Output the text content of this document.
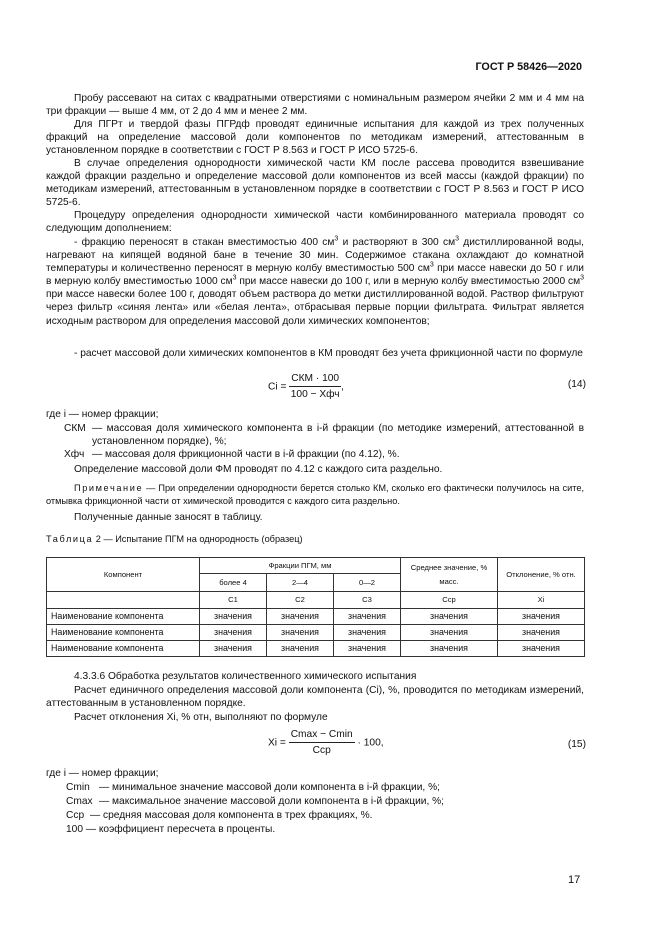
ГОСТ Р 58426—2020

Пробу рассевают на ситах с квадратными отверстиями с номинальным размером ячейки 2 мм и 4 мм на три фракции — выше 4 мм, от 2 до 4 мм и менее 2 мм.

Для ПГРт и твердой фазы ПГРдф проводят единичные испытания для каждой из трех полученных фракций на определение массовой доли компонентов по методикам измерений, аттестованным в установленном порядке в соответствии с ГОСТ Р 8.563 и ГОСТ Р ИСО 5725-6.

В случае определения однородности химической части КМ после рассева проводится взвешивание каждой фракции раздельно и определение массовой доли компонентов из всей массы (каждой фракции) по методикам измерений, аттестованным в установленном порядке в соответствии с ГОСТ Р 8.563 и ГОСТ Р ИСО 5725-6.

Процедуру определения однородности химической части комбинированного материала проводят со следующим дополнением:

- фракцию переносят в стакан вместимостью 400 $см^3$ и растворяют в 300 $см^3$ дистиллированной воды, нагревают на кипящей водяной бане в течение 30 мин. Содержимое стакана охлаждают до комнатной температуры и количественно переносят в мерную колбу вместимостью 500 $см^3$ при массе навески до 50 г или в мерную колбу вместимостью 1000 $см^3$ при массе навески до 100 г, или в мерную колбу вместимостью 2000 $см^3$ при массе навески более 100 г, доводят объем раствора до метки дистиллированной водой. Раствор фильтруют через фильтр «синяя лента» или «белая лента», отбрасывая первые порции фильтрата. Фильтрат является исходным раствором для определения массовой доли химических компонентов;

- расчет массовой доли химических компонентов в КМ проводят без учета фрикционной части по формуле

$Ci = \frac{\text{CКМ · 100}}{\text{100 − Xфч}}$ ,	(14)

где i — номер фракции;

CКМ — массовая доля химического компонента в i-й фракции (по методике измерений, аттестованной в установленном порядке), %;

Xфч — массовая доля фрикционной части в i-й фракции (по 4.12), %.

Определение массовой доли ФМ проводят по 4.12 с каждого сита раздельно.

Примечание — При определении однородности берется столько КМ, сколько его фактически получилось на сите, отмывка фрикционной части от химической проводится с каждого сита раздельно.

Полученные данные заносят в таблицу.

Таблица 2 — Испытание ПГМ на однородность (образец)

Компонент	Фракции ПГМ, мм			Среднее значение, % масс.	Отклонение, % отн.
	более 4	2—4	0—2		
	C1	C2	C3	Cср	Xi
Наименование компонента	значения	значения	значения	значения	значения
Наименование компонента	значения	значения	значения	значения	значения
Наименование компонента	значения	значения	значения	значения	значения

4.3.3.6 Обработка результатов количественного химического испытания

Расчет единичного определения массовой доли компонента (Ci), %, проводится по методикам измерений, аттестованным в установленном порядке.

Расчет отклонения Xi, % отн, выполняют по формуле

$Xi = \frac{Cmax - Cmin}{\text{Cср}} \cdot 100$,	(15)

где i — номер фракции;

Cmin — минимальное значение массовой доли компонента в i-й фракции, %;

Cmax — максимальное значение массовой доли компонента в i-й фракции, %;

Cср — средняя массовая доля компонента в трех фракциях, %.

100 — коэффициент пересчета в проценты.

17
